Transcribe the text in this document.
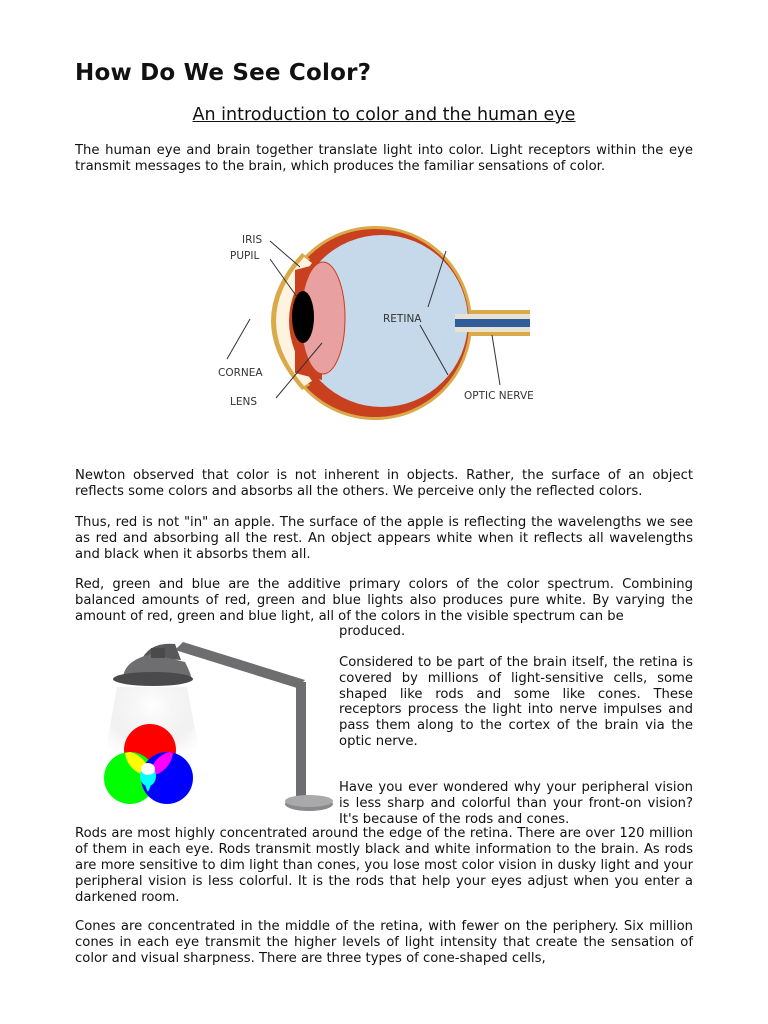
How Do We See Color?
An introduction to color and the human eye

The human eye and brain together translate light into color. Light receptors within the eye transmit messages to the brain, which produces the familiar sensations of color.

IRIS
PUPIL
CORNEA
LENS
RETINA
OPTIC NERVE

Newton observed that color is not inherent in objects. Rather, the surface of an object reflects some colors and absorbs all the others. We perceive only the reflected colors.

Thus, red is not "in" an apple. The surface of the apple is reflecting the wavelengths we see as red and absorbing all the rest. An object appears white when it reflects all wavelengths and black when it absorbs them all.

Red, green and blue are the additive primary colors of the color spectrum. Combining balanced amounts of red, green and blue lights also produces pure white. By varying the amount of red, green and blue light, all of the colors in the visible spectrum can be

produced.

Considered to be part of the brain itself, the retina is covered by millions of light-sensitive cells, some shaped like rods and some like cones. These receptors process the light into nerve impulses and pass them along to the cortex of the brain via the optic nerve.

Have you ever wondered why your peripheral vision is less sharp and colorful than your front-on vision? It's because of the rods and cones.

Rods are most highly concentrated around the edge of the retina. There are over 120 million of them in each eye. Rods transmit mostly black and white information to the brain. As rods are more sensitive to dim light than cones, you lose most color vision in dusky light and your peripheral vision is less colorful. It is the rods that help your eyes adjust when you enter a darkened room.

Cones are concentrated in the middle of the retina, with fewer on the periphery. Six million cones in each eye transmit the higher levels of light intensity that create the sensation of color and visual sharpness. There are three types of cone-shaped cells,
